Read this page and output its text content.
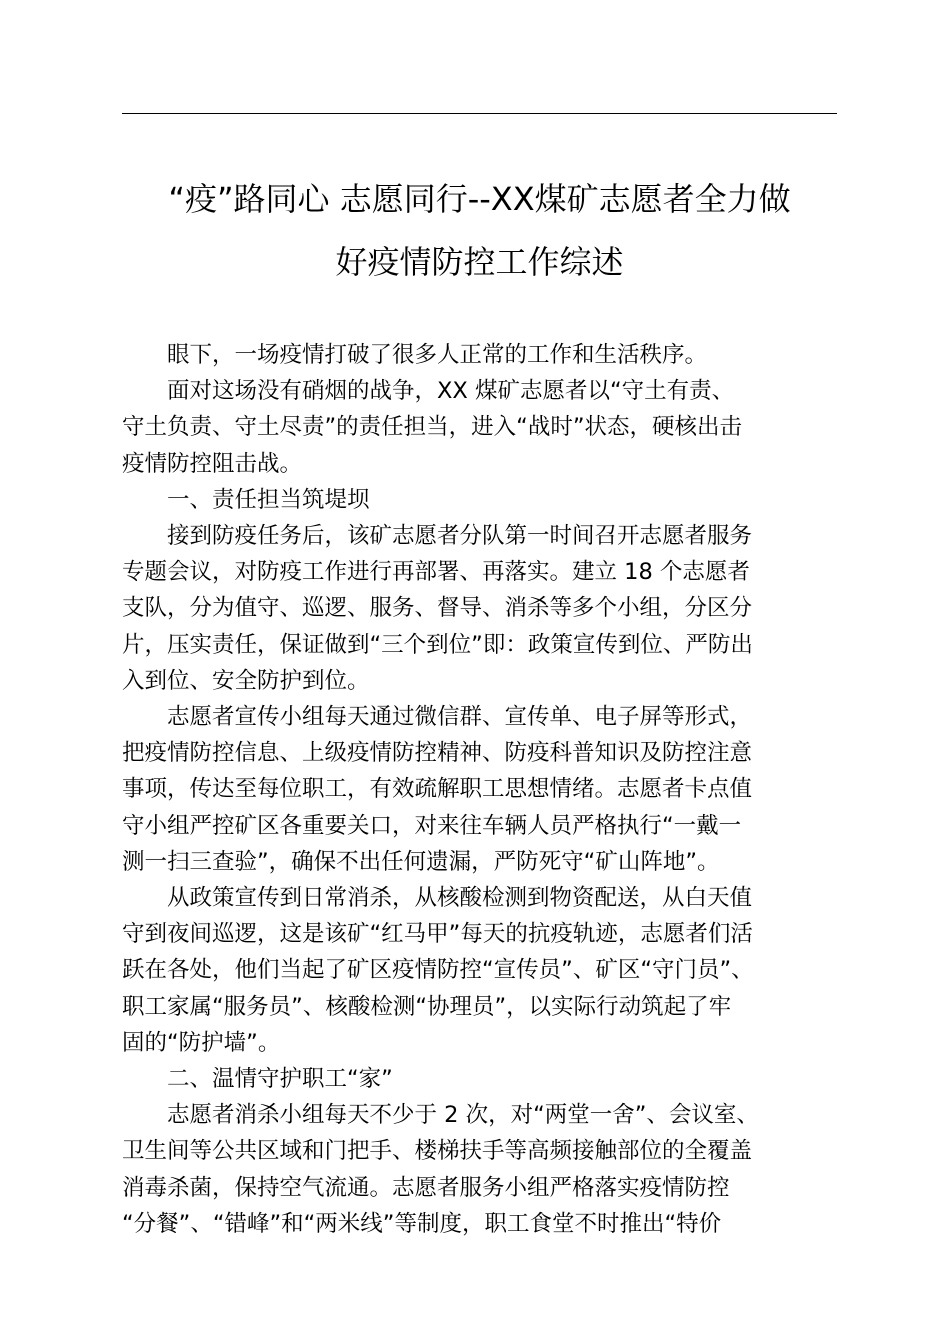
“疫”路同心 志愿同行--XX煤矿志愿者全力做
好疫情防控工作综述

眼下，一场疫情打破了很多人正常的工作和生活秩序。

面对这场没有硝烟的战争，XX 煤矿志愿者以“守土有责、

守土负责、守土尽责”的责任担当，进入“战时”状态，硬核出击

疫情防控阻击战。

一、责任担当筑堤坝

接到防疫任务后，该矿志愿者分队第一时间召开志愿者服务

专题会议，对防疫工作进行再部署、再落实。建立 18 个志愿者

支队，分为值守、巡逻、服务、督导、消杀等多个小组，分区分

片，压实责任，保证做到“三个到位”即：政策宣传到位、严防出

入到位、安全防护到位。

志愿者宣传小组每天通过微信群、宣传单、电子屏等形式，

把疫情防控信息、上级疫情防控精神、防疫科普知识及防控注意

事项，传达至每位职工，有效疏解职工思想情绪。志愿者卡点值

守小组严控矿区各重要关口，对来往车辆人员严格执行“一戴一

测一扫三查验”，确保不出任何遗漏，严防死守“矿山阵地”。

从政策宣传到日常消杀，从核酸检测到物资配送，从白天值

守到夜间巡逻，这是该矿“红马甲”每天的抗疫轨迹，志愿者们活

跃在各处，他们当起了矿区疫情防控“宣传员”、矿区“守门员”、

职工家属“服务员”、核酸检测“协理员”，以实际行动筑起了牢

固的“防护墙”。

二、温情守护职工“家”

志愿者消杀小组每天不少于 2 次，对“两堂一舍”、会议室、

卫生间等公共区域和门把手、楼梯扶手等高频接触部位的全覆盖

消毒杀菌，保持空气流通。志愿者服务小组严格落实疫情防控

“分餐”、“错峰”和“两米线”等制度，职工食堂不时推出“特价
